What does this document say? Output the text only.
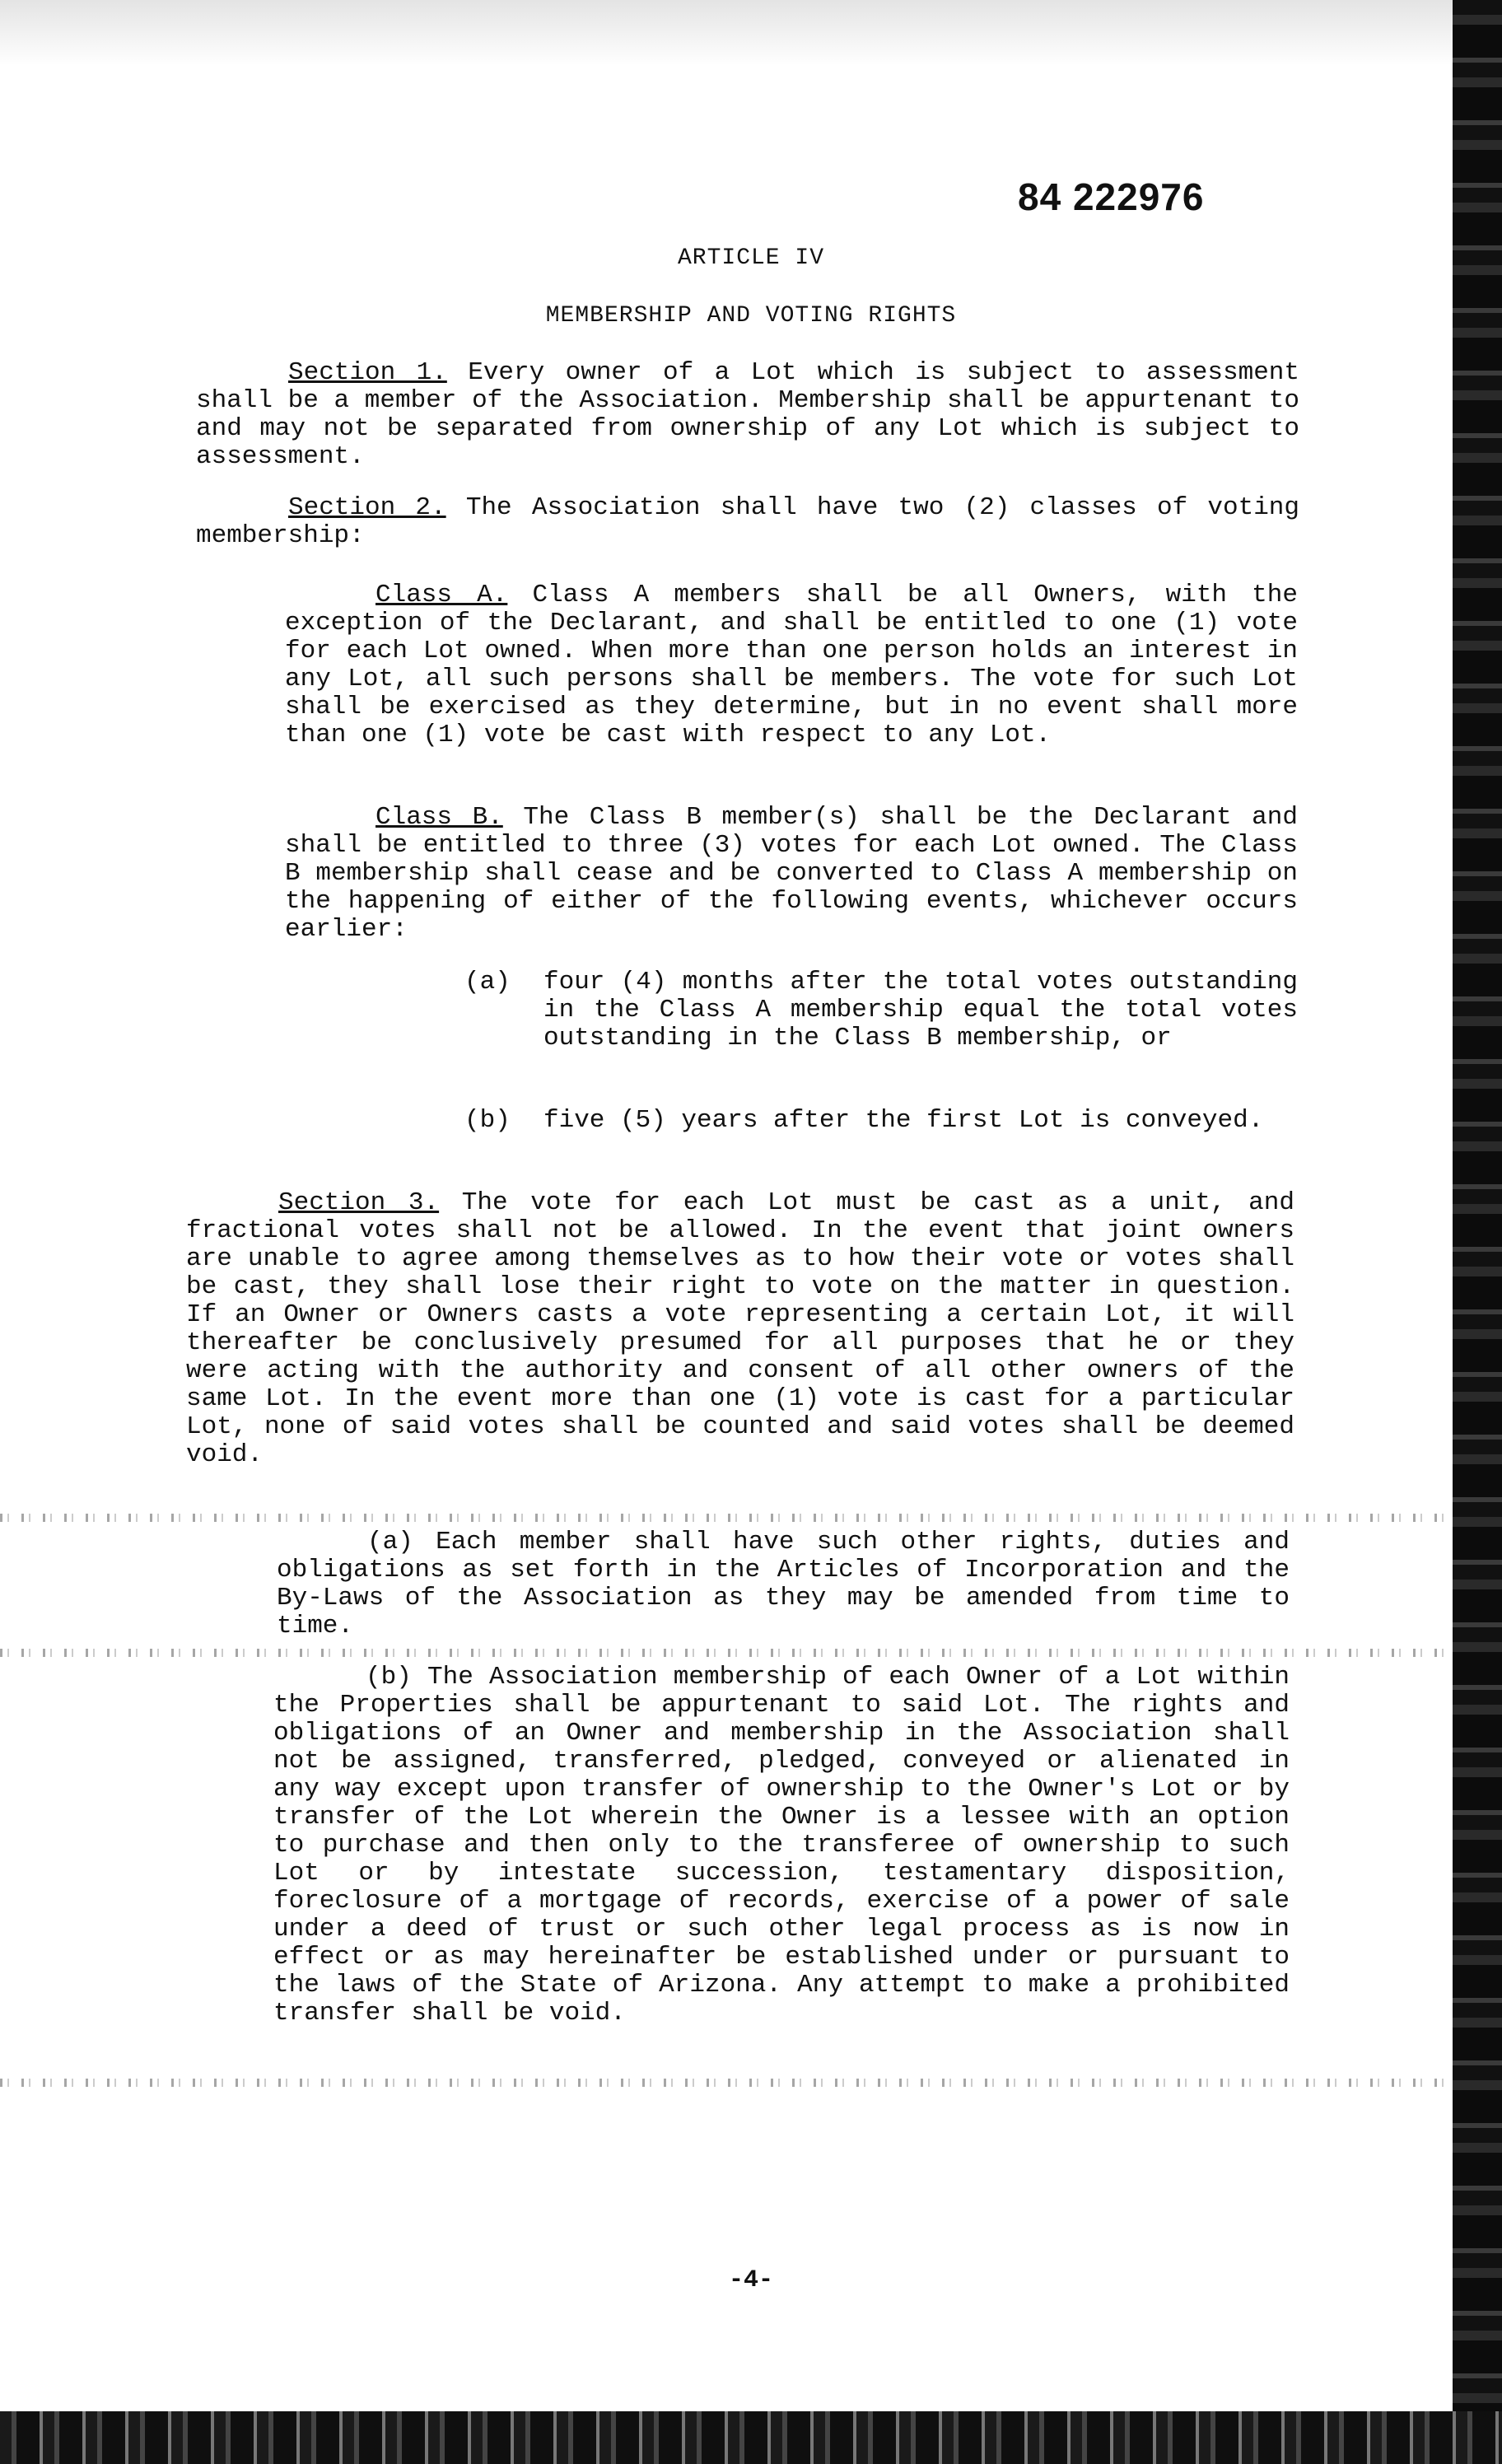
84 222976
ARTICLE IV
MEMBERSHIP AND VOTING RIGHTS

Section 1. Every owner of a Lot which is subject to assessment shall be a member of the Association. Membership shall be appurtenant to and may not be separated from ownership of any Lot which is subject to assessment.

Section 2. The Association shall have two (2) classes of voting membership:

Class A. Class A members shall be all Owners, with the exception of the Declarant, and shall be entitled to one (1) vote for each Lot owned. When more than one person holds an interest in any Lot, all such persons shall be members. The vote for such Lot shall be exercised as they determine, but in no event shall more than one (1) vote be cast with respect to any Lot.

Class B. The Class B member(s) shall be the Declarant and shall be entitled to three (3) votes for each Lot owned. The Class B membership shall cease and be converted to Class A membership on the happening of either of the following events, whichever occurs earlier:

(a) four (4) months after the total votes outstanding in the Class A membership equal the total votes outstanding in the Class B membership, or
(b) five (5) years after the first Lot is conveyed.

Section 3. The vote for each Lot must be cast as a unit, and fractional votes shall not be allowed. In the event that joint owners are unable to agree among themselves as to how their vote or votes shall be cast, they shall lose their right to vote on the matter in question. If an Owner or Owners casts a vote representing a certain Lot, it will thereafter be conclusively presumed for all purposes that he or they were acting with the authority and consent of all other owners of the same Lot. In the event more than one (1) vote is cast for a particular Lot, none of said votes shall be counted and said votes shall be deemed void.

(a) Each member shall have such other rights, duties and obligations as set forth in the Articles of Incorporation and the By-Laws of the Association as they may be amended from time to time.

(b) The Association membership of each Owner of a Lot within the Properties shall be appurtenant to said Lot. The rights and obligations of an Owner and membership in the Association shall not be assigned, transferred, pledged, conveyed or alienated in any way except upon transfer of ownership to the Owner's Lot or by transfer of the Lot wherein the Owner is a lessee with an option to purchase and then only to the transferee of ownership to such Lot or by intestate succession, testamentary disposition, foreclosure of a mortgage of records, exercise of a power of sale under a deed of trust or such other legal process as is now in effect or as may hereinafter be established under or pursuant to the laws of the State of Arizona. Any attempt to make a prohibited transfer shall be void.

-4-
